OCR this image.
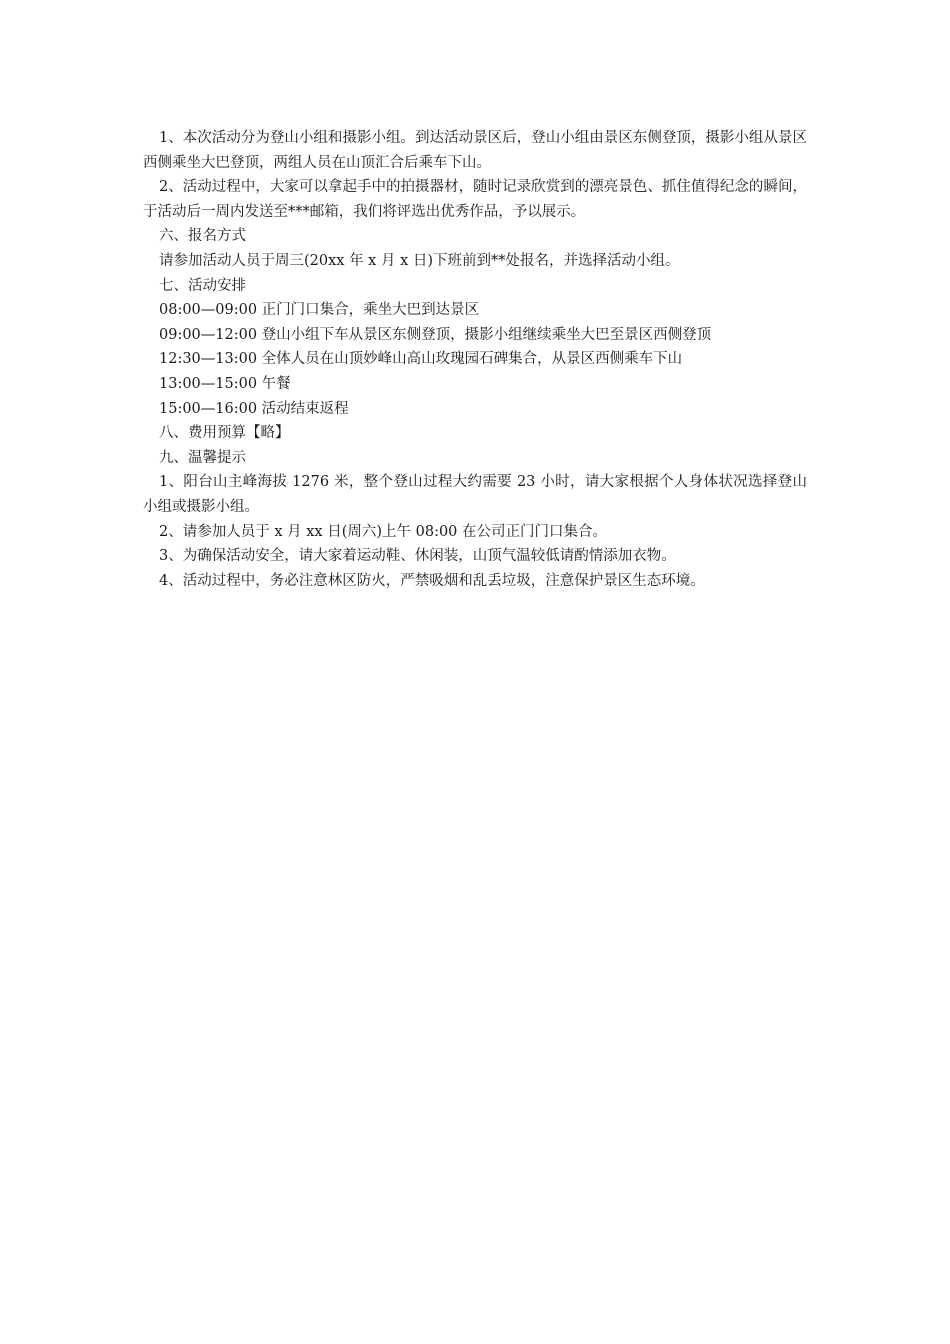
1、本次活动分为登山小组和摄影小组。到达活动景区后，登山小组由景区东侧登顶，摄影小组从景区西侧乘坐大巴登顶，两组人员在山顶汇合后乘车下山。

2、活动过程中，大家可以拿起手中的拍摄器材，随时记录欣赏到的漂亮景色、抓住值得纪念的瞬间，于活动后一周内发送至***邮箱，我们将评选出优秀作品，予以展示。

六、报名方式

请参加活动人员于周三(20xx 年 x 月 x 日)下班前到**处报名，并选择活动小组。

七、活动安排

08:00—09:00 正门门口集合，乘坐大巴到达景区

09:00—12:00 登山小组下车从景区东侧登顶，摄影小组继续乘坐大巴至景区西侧登顶

12:30—13:00 全体人员在山顶妙峰山高山玫瑰园石碑集合，从景区西侧乘车下山

13:00—15:00 午餐

15:00—16:00 活动结束返程

八、费用预算【略】

九、温馨提示

1、阳台山主峰海拔 1276 米，整个登山过程大约需要 23 小时，请大家根据个人身体状况选择登山小组或摄影小组。

2、请参加人员于 x 月 xx 日(周六)上午 08:00 在公司正门门口集合。

3、为确保活动安全，请大家着运动鞋、休闲装，山顶气温较低请酌情添加衣物。

4、活动过程中，务必注意林区防火，严禁吸烟和乱丢垃圾，注意保护景区生态环境。
